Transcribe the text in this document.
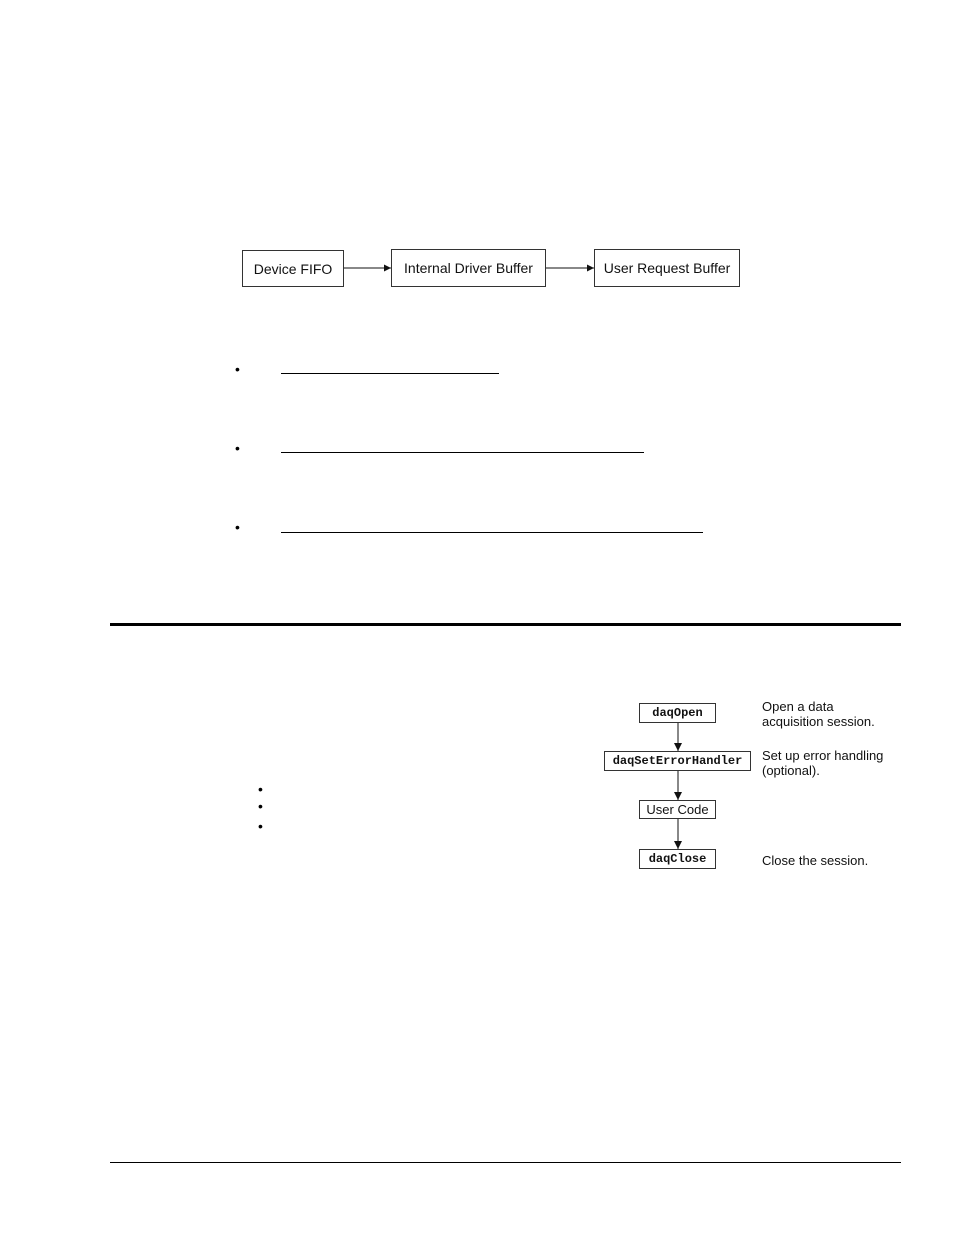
Device FIFO	Internal Driver Buffer	User Request Buffer
•
•
•
•
•
•
daqOpen
daqSetErrorHandler
User Code
daqClose
Open a data
acquisition session.
Set up error handling
(optional).
Close the session.
